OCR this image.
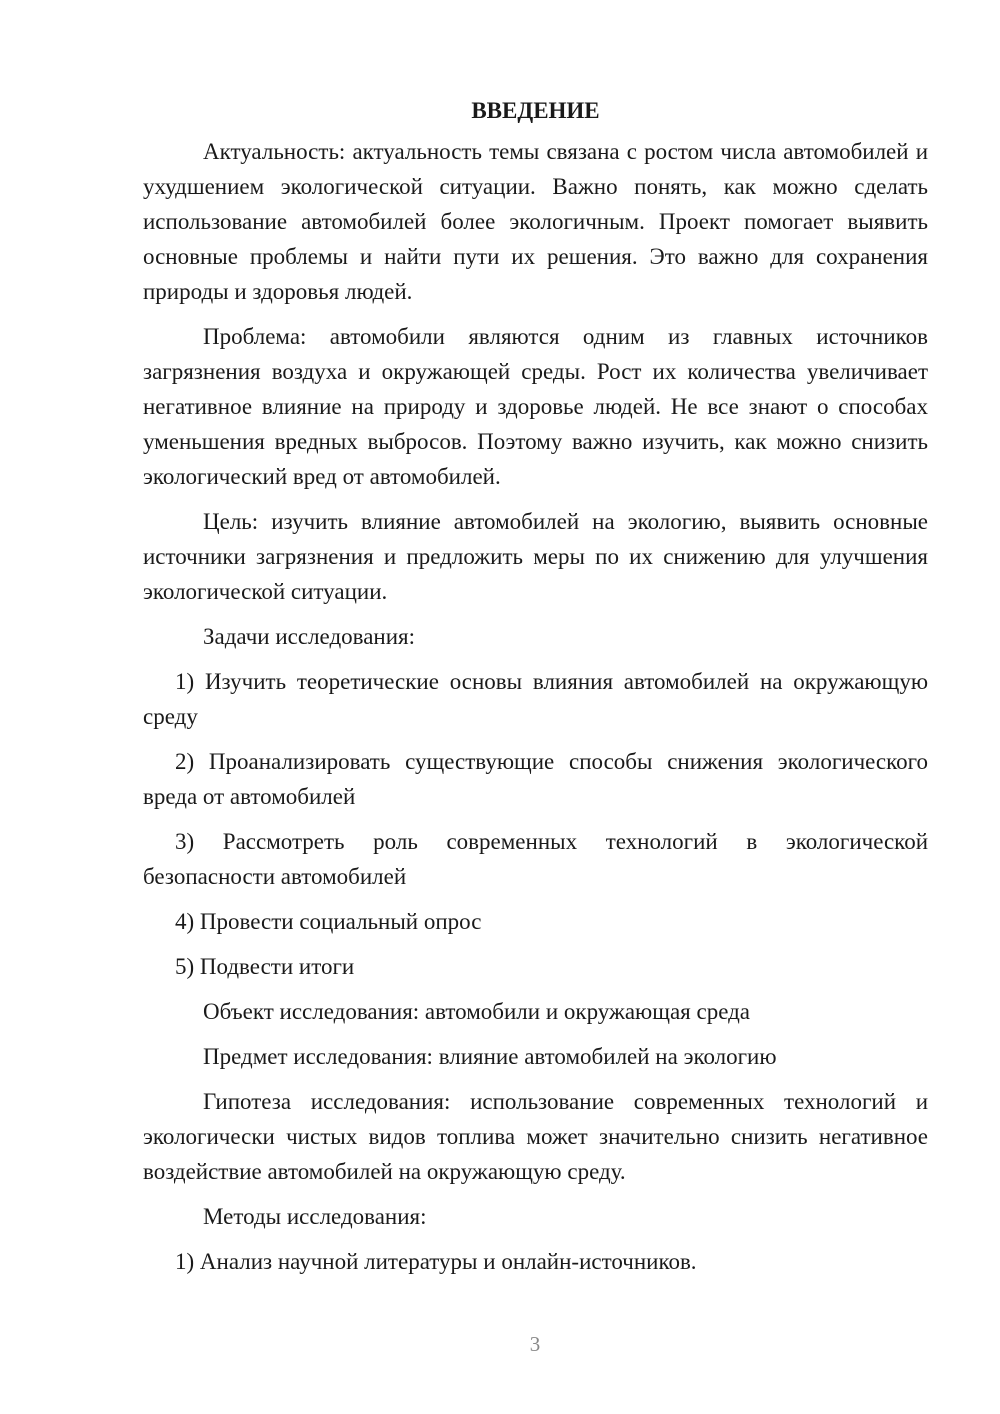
ВВЕДЕНИЕ

Актуальность: актуальность темы связана с ростом числа автомобилей и ухудшением экологической ситуации. Важно понять, как можно сделать использование автомобилей более экологичным. Проект помогает выявить основные проблемы и найти пути их решения. Это важно для сохранения природы и здоровья людей.

Проблема: автомобили являются одним из главных источников загрязнения воздуха и окружающей среды. Рост их количества увеличивает негативное влияние на природу и здоровье людей. Не все знают о способах уменьшения вредных выбросов. Поэтому важно изучить, как можно снизить экологический вред от автомобилей.

Цель: изучить влияние автомобилей на экологию, выявить основные источники загрязнения и предложить меры по их снижению для улучшения экологической ситуации.

Задачи исследования:

1) Изучить теоретические основы влияния автомобилей на окружающую среду

2) Проанализировать существующие способы снижения экологического вреда от автомобилей

3) Рассмотреть роль современных технологий в экологической безопасности автомобилей

4) Провести социальный опрос

5) Подвести итоги

Объект исследования: автомобили и окружающая среда

Предмет исследования: влияние автомобилей на экологию

Гипотеза исследования: использование современных технологий и экологически чистых видов топлива может значительно снизить негативное воздействие автомобилей на окружающую среду.

Методы исследования:

1) Анализ научной литературы и онлайн-источников.

3
